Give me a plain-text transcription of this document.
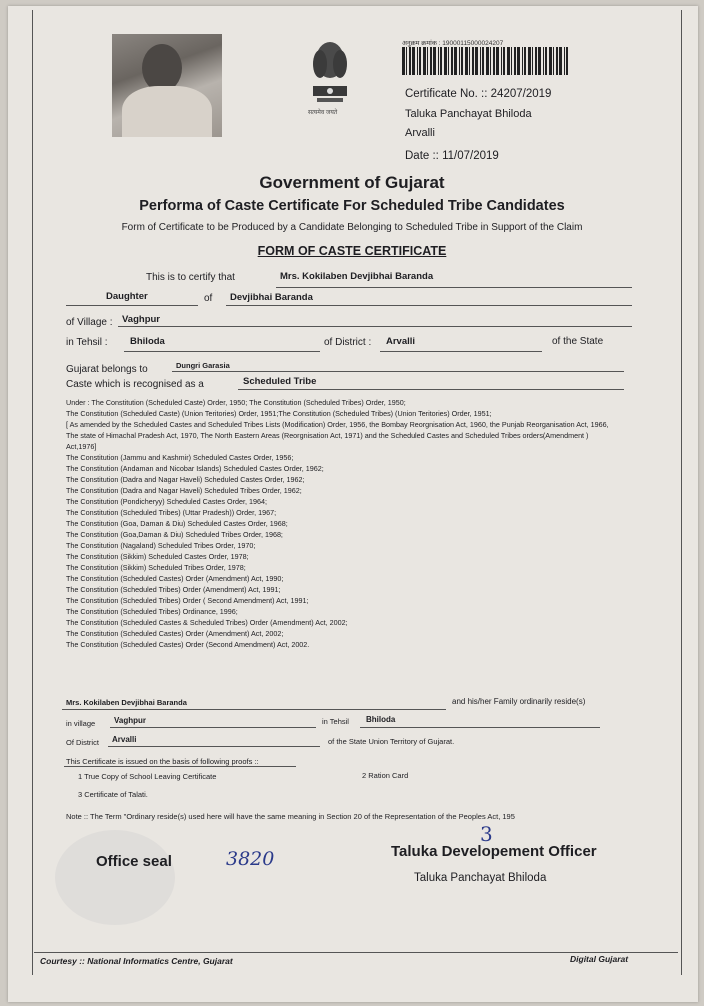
सत्यमेव जयते
अनुक्रम क्रमांक : 19000115000024207
Certificate No. :: 24207/2019
Taluka Panchayat Bhiloda
Arvalli
Date :: 11/07/2019
Government of Gujarat
Performa of Caste Certificate For Scheduled Tribe Candidates
Form of Certificate to be Produced by a Candidate Belonging to Scheduled Tribe in Support of the Claim
FORM OF CASTE CERTIFICATE
This is to certify that	Mrs. Kokilaben Devjibhai Baranda
Daughter	of Devjibhai Baranda
of Village : Vaghpur
in Tehsil : Bhiloda	of District : Arvalli	of the State
Gujarat belongs to	Dungri Garasia
Caste which is recognised as a	Scheduled Tribe
Under : The Constitution (Scheduled Caste) Order, 1950; The Constitution (Scheduled Tribes) Order, 1950;
The Constitution (Scheduled Caste) (Union Teritories) Order, 1951;The Constitution (Scheduled Tribes) (Union Teritories) Order, 1951;
[ As amended by the Scheduled Castes and Scheduled Tribes Lists (Modification) Order, 1956, the Bombay Reorgnisation Act, 1960, the Punjab Reorganisation Act, 1966, The state of Himachal Pradesh Act, 1970, The North Eastern Areas (Reorgnisation Act, 1971) and the Scheduled Castes and Scheduled Tribes orders(Amendment ) Act,1976]
The Constitution (Jammu and Kashmir) Scheduled Castes Order, 1956;
The Constitution (Andaman and Nicobar Islands) Scheduled Castes Order, 1962;
The Constitution (Dadra and Nagar Haveli) Scheduled Castes Order, 1962;
The Constitution (Dadra and Nagar Haveli) Scheduled Tribes Order, 1962;
The Constitution (Pondicheryy) Scheduled Castes Order, 1964;
The Constitution (Scheduled Tribes) (Uttar Pradesh)) Order, 1967;
The Constitution (Goa, Daman & Diu) Scheduled Castes Order, 1968;
The Constitution (Goa,Daman & Diu) Scheduled Tribes Order, 1968;
The Constitution (Nagaland) Scheduled Tribes Order, 1970;
The Constitution (Sikkim) Scheduled Castes Order, 1978;
The Constitution (Sikkim) Scheduled Tribes Order, 1978;
The Constitution (Scheduled Castes) Order (Amendment) Act, 1990;
The Constitution (Scheduled Tribes) Order (Amendment) Act, 1991;
The Constitution (Scheduled Tribes) Order ( Second Amendment) Act, 1991;
The Constitution (Scheduled Tribes) Ordinance, 1996;
The Constitution (Scheduled Castes & Scheduled Tribes) Order (Amendment) Act, 2002;
The Constitution (Scheduled Castes) Order (Amendment) Act, 2002;
The Constitution (Scheduled Castes) Order (Second Amendment) Act, 2002.
Mrs. Kokilaben Devjibhai Baranda	and his/her Family ordinarily reside(s)
in village Vaghpur	in Tehsil Bhiloda
Of District Arvalli	of the State Union Territory of Gujarat.
This Certificate is issued on the basis of following proofs ::
1 True Copy of School Leaving Certificate	2 Ration Card
3 Certificate of Talati.
Note :: The Term "Ordinary reside(s) used here will have the same meaning in Section 20 of the Representation of the Peoples Act, 195
Office seal	3820
3
Taluka Developement Officer
Taluka Panchayat Bhiloda
Courtesy :: National Informatics Centre, Gujarat	Digital Gujarat
